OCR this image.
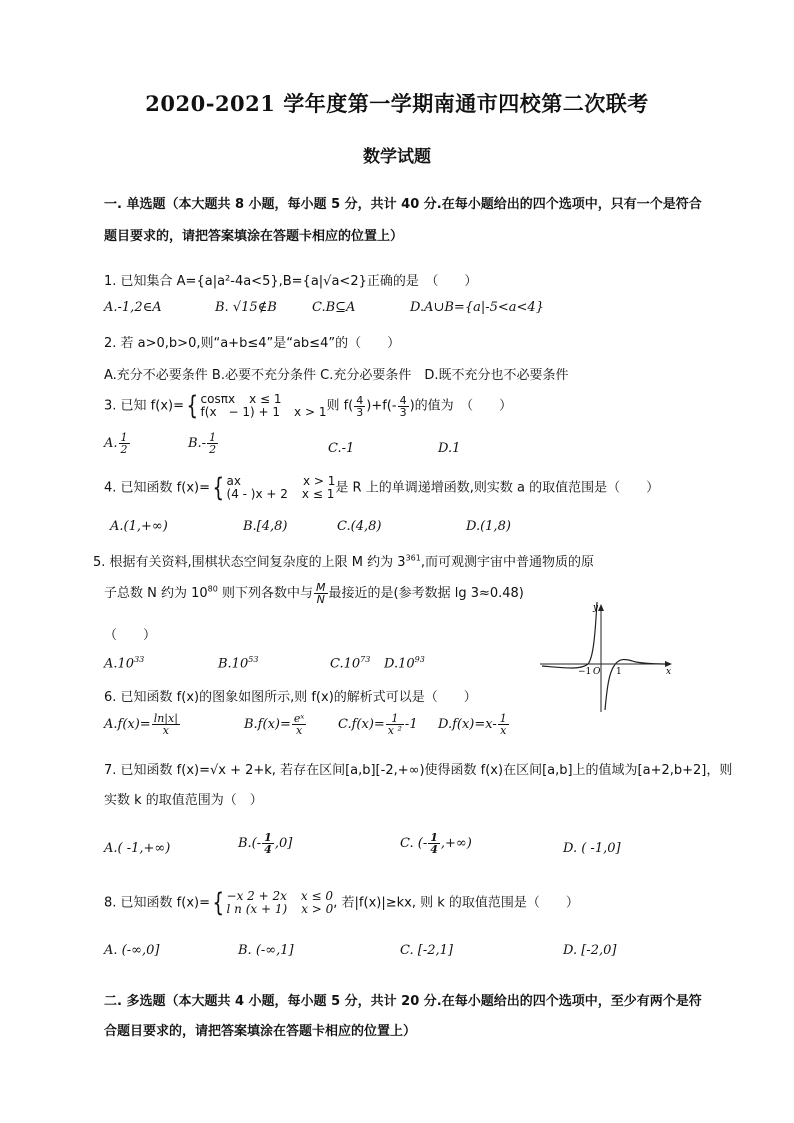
2020-2021 学年度第一学期南通市四校第二次联考
数学试题
一. 单选题（本大题共 8 小题，每小题 5 分，共计 40 分.在每小题给出的四个选项中，只有一个是符合
题目要求的，请把答案填涂在答题卡相应的位置上）
1. 已知集合 A={a|a²-4a<5},B={a|√a<2}正确的是　（　　）
A.-1,2∈A	B. √15∉B	C.B⊆A	D.A∪B={a|-5<a<4}
2. 若 a>0,b>0,则“a+b≤4”是“ab≤4”的（　　）
A.充分不必要条件 B.必要不充分条件 C.充分必要条件　D.既不充分也不必要条件
3. 已知 f(x)={ cosπx x ≤ 1
f(x　− 1) + 1 x > 1 则 $f( \frac{4}{3} )+f(- \frac{4}{3}$ )的值为　（　　）
A. $\frac{1}{2}$	$B.- \frac{1}{2}$	C.-1	D.1
4. 已知函数 f(x)={ ax	x > 1
(4 - )x + 2 x ≤ 1 是 R 上的单调递增函数,则实数 a 的取值范围是（　　）
A.(1,+∞)	B.[4,8)	C.(4,8)	D.(1,8)
5. 根据有关资料,围棋状态空间复杂度的上限 M 约为 $3^{361}$,而可观测宇宙中普通物质的原
子总数 N 约为 $10^{80}$ 则下列各数中与 $\frac{M}{N}$ 最接近的是(参考数据 lg 3≈0.48)
（　　）
$A.10^{33}$	$B.10^{53}$	$C.10^{73}$ $D.10^{93}$
y
x
O
−1	1
6. 已知函数 f(x)的图象如图所示,则 f(x)的解析式可以是（　　）
$A.f(x)= \frac{\ln|x|}{x}$	$B.f(x)= \frac{\text{eˣ}}{x} C.f(x)= \frac{1}{\text{x ²}} -1$ $D.f(x)=x- \frac{1}{x}$
7. 已知函数 f(x)=√x + 2+k, 若存在区间[a,b][-2,+∞)使得函数 f(x)在区间[a,b]上的值域为[a+2,b+2]，则
实数 k 的取值范围为（　）
A.( -1,+∞)	$B.(- \frac{1}{4} ,0]$	C. (- $\frac{1}{4}$ ,+∞)	D. ( -1,0]
8. 已知函数 f(x)={ −x 2 + 2x x ≤ 0
l n (x + 1) x > 0 , 若|f(x)|≥kx, 则 k 的取值范围是（　　）
A. (-∞,0]	B. (-∞,1]	C. [-2,1]	D. [-2,0]
二. 多选题（本大题共 4 小题，每小题 5 分，共计 20 分.在每小题给出的四个选项中，至少有两个是符
合题目要求的，请把答案填涂在答题卡相应的位置上）
